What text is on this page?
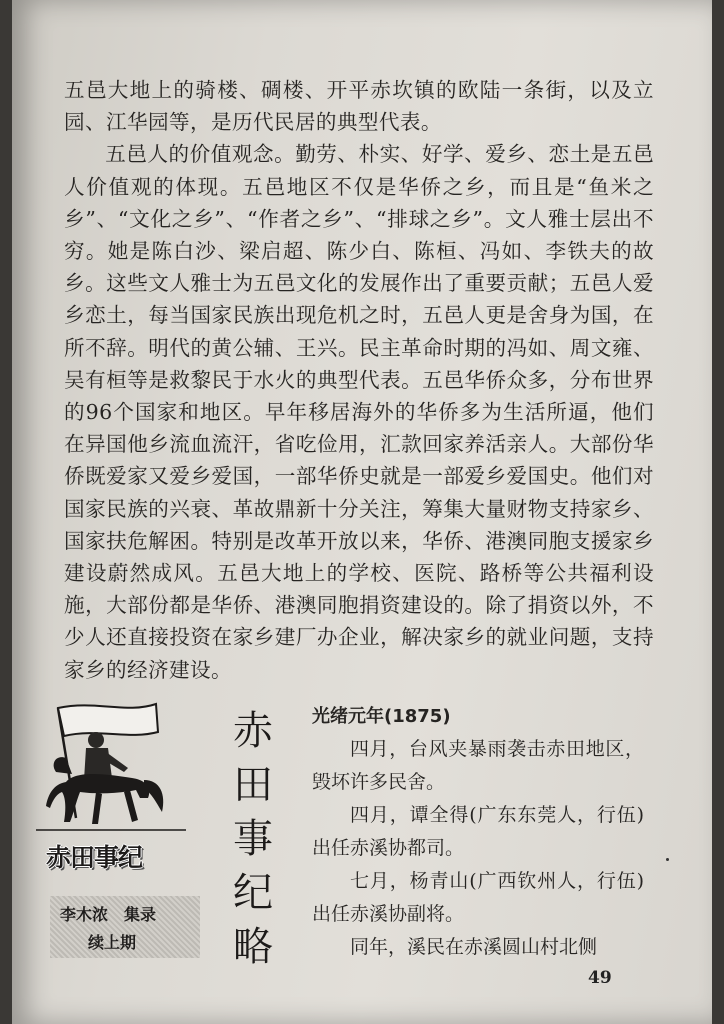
五邑大地上的骑楼、碉楼、开平赤坎镇的欧陆一条街，以及立园、江华园等，是历代民居的典型代表。

五邑人的价值观念。勤劳、朴实、好学、爱乡、恋土是五邑人价值观的体现。五邑地区不仅是华侨之乡，而且是“鱼米之乡”、“文化之乡”、“作者之乡”、“排球之乡”。文人雅士层出不穷。她是陈白沙、梁启超、陈少白、陈桓、冯如、李铁夫的故乡。这些文人雅士为五邑文化的发展作出了重要贡献；五邑人爱乡恋土，每当国家民族出现危机之时，五邑人更是舍身为国，在所不辞。明代的黄公辅、王兴。民主革命时期的冯如、周文雍、吴有桓等是救黎民于水火的典型代表。五邑华侨众多，分布世界的96个国家和地区。早年移居海外的华侨多为生活所逼，他们在异国他乡流血流汗，省吃俭用，汇款回家养活亲人。大部份华侨既爱家又爱乡爱国，一部华侨史就是一部爱乡爱国史。他们对国家民族的兴衰、革故鼎新十分关注，筹集大量财物支持家乡、国家扶危解困。特别是改革开放以来，华侨、港澳同胞支援家乡建设蔚然成风。五邑大地上的学校、医院、路桥等公共福利设施，大部份都是华侨、港澳同胞捐资建设的。除了捐资以外，不少人还直接投资在家乡建厂办企业，解决家乡的就业问题，支持家乡的经济建设。

赤田事纪
李木浓　集录
续上期
赤
田
事
纪
略

光绪元年(1875)

四月，台风夹暴雨袭击赤田地区，毁坏许多民舍。

四月，谭全得(广东东莞人，行伍)出任赤溪协都司。

七月，杨青山(广西钦州人，行伍)出任赤溪协副将。

同年，溪民在赤溪圆山村北侧

49
